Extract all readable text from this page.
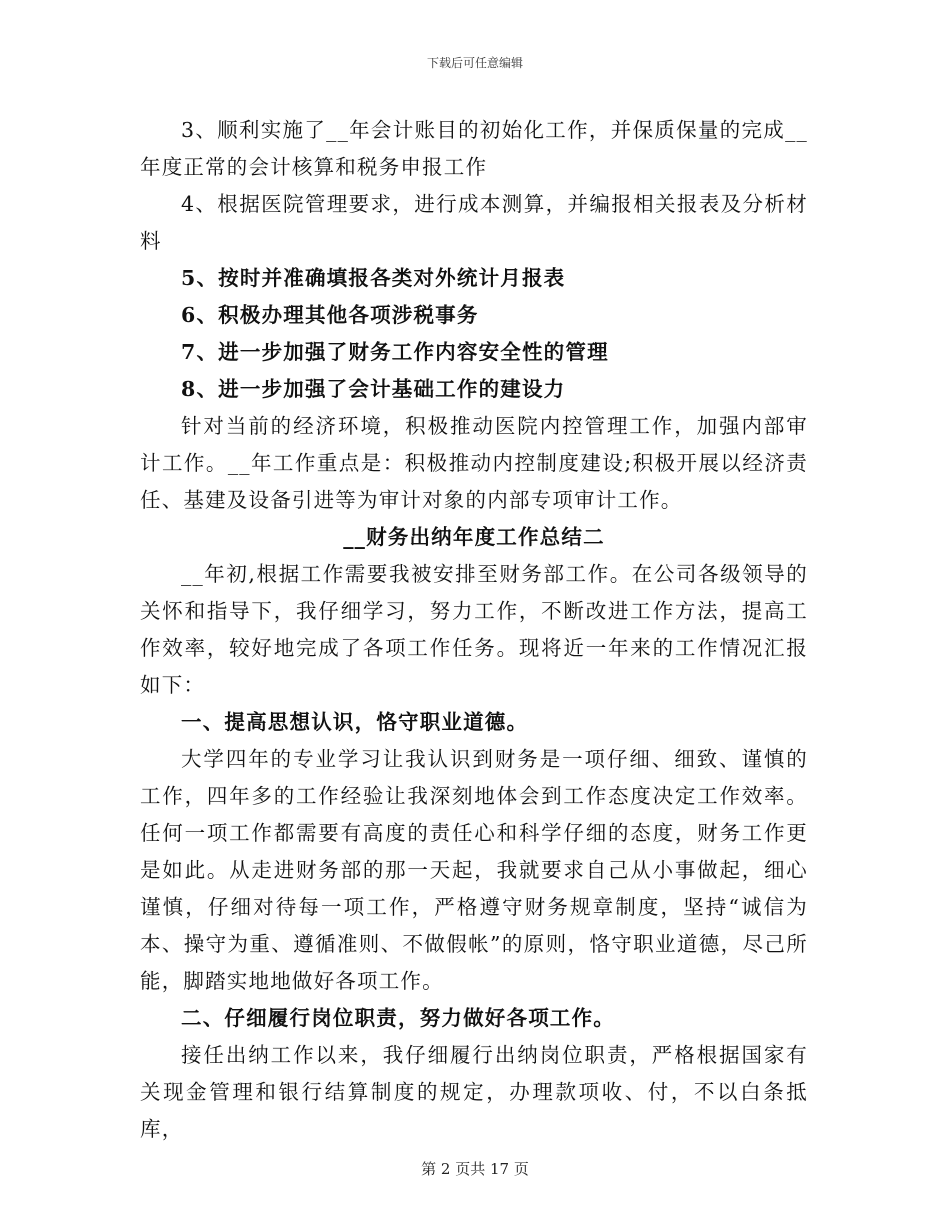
下载后可任意编辑

3、顺利实施了__年会计账目的初始化工作，并保质保量的完成__年度正常的会计核算和税务申报工作

4、根据医院管理要求，进行成本测算，并编报相关报表及分析材料

5、按时并准确填报各类对外统计月报表

6、积极办理其他各项涉税事务

7、进一步加强了财务工作内容安全性的管理

8、进一步加强了会计基础工作的建设力

针对当前的经济环境，积极推动医院内控管理工作，加强内部审计工作。__年工作重点是：积极推动内控制度建设;积极开展以经济责任、基建及设备引进等为审计对象的内部专项审计工作。

__财务出纳年度工作总结二

__年初,根据工作需要我被安排至财务部工作。在公司各级领导的关怀和指导下，我仔细学习，努力工作，不断改进工作方法，提高工作效率，较好地完成了各项工作任务。现将近一年来的工作情况汇报如下：

一、提高思想认识，恪守职业道德。

大学四年的专业学习让我认识到财务是一项仔细、细致、谨慎的工作，四年多的工作经验让我深刻地体会到工作态度决定工作效率。任何一项工作都需要有高度的责任心和科学仔细的态度，财务工作更是如此。从走进财务部的那一天起，我就要求自己从小事做起，细心谨慎，仔细对待每一项工作，严格遵守财务规章制度，坚持“诚信为本、操守为重、遵循准则、不做假帐”的原则，恪守职业道德，尽己所能，脚踏实地地做好各项工作。

二、仔细履行岗位职责，努力做好各项工作。

接任出纳工作以来，我仔细履行出纳岗位职责，严格根据国家有关现金管理和银行结算制度的规定，办理款项收、付，不以白条抵库，

第 2 页共 17 页
